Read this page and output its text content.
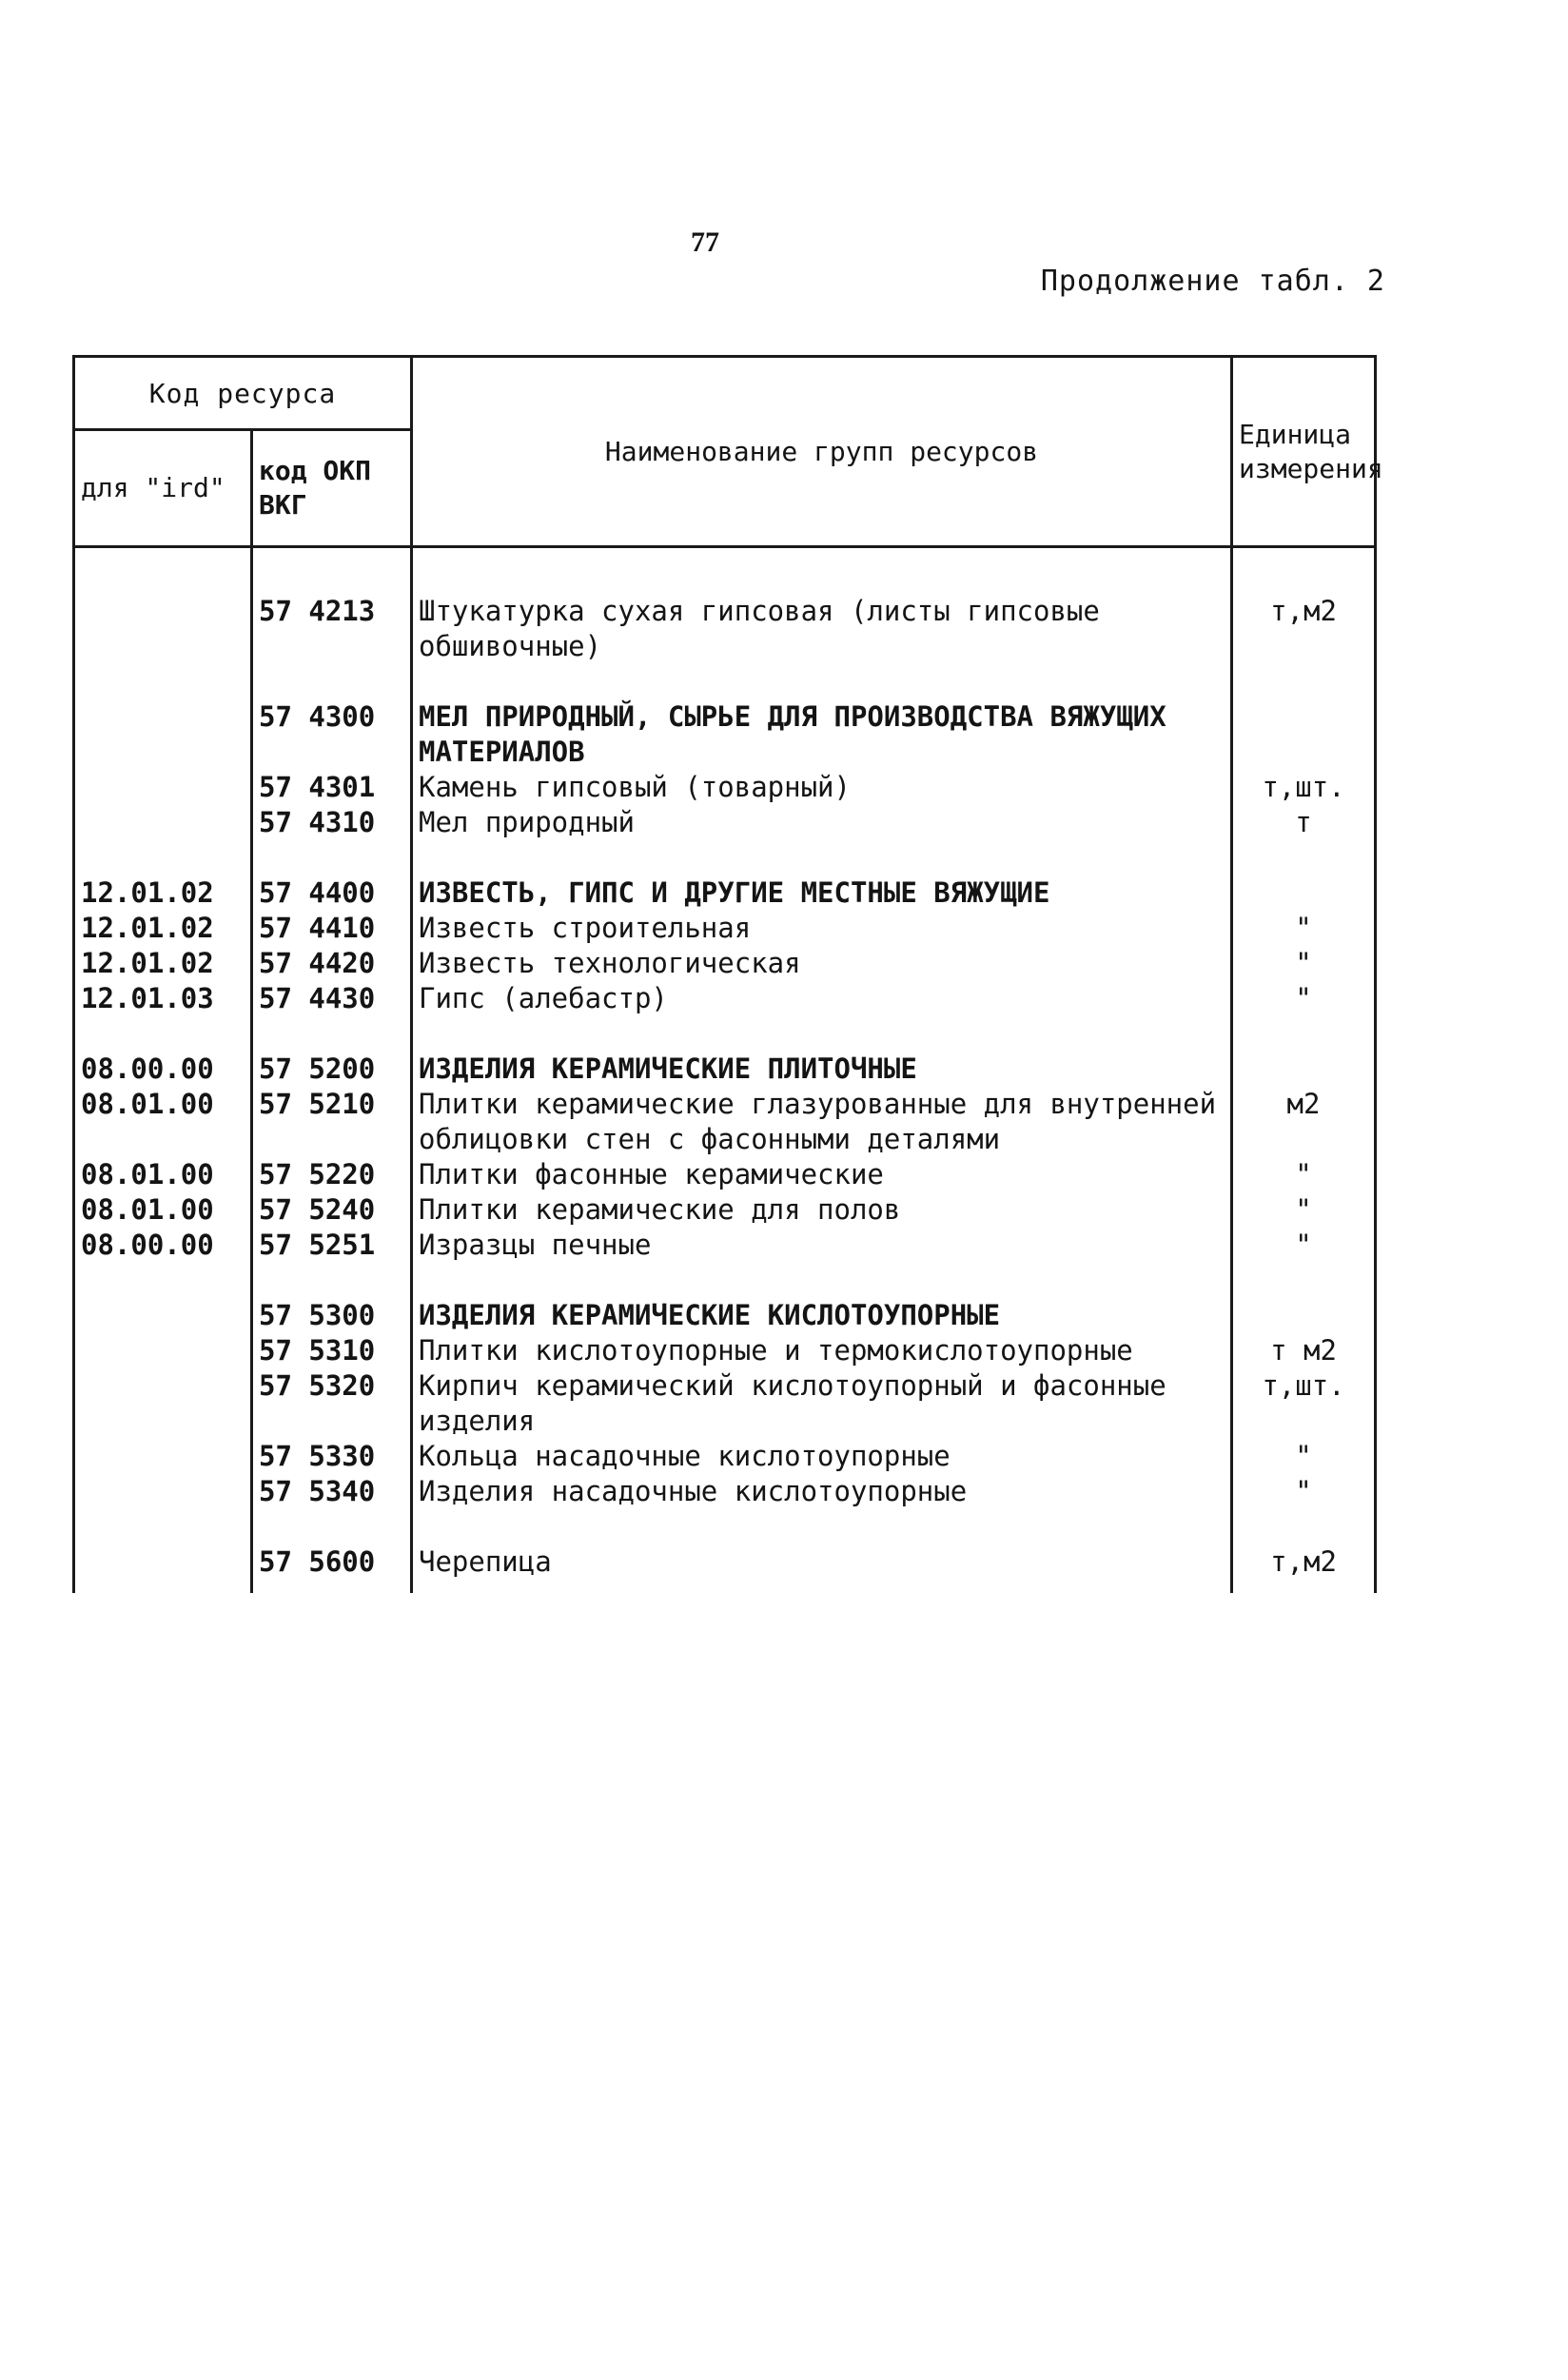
77
Продолжение табл. 2
Код ресурса		Наименование групп ресурсов	Единица измерения
для "ird"	код ОКП ВКГ		

	57 4213	Штукатурка сухая гипсовая (листы гипсовые обшивочные)	т,м2

	57 4300	МЕЛ ПРИРОДНЫЙ, СЫРЬЕ ДЛЯ ПРОИЗВОДСТВА ВЯЖУЩИХ МАТЕРИАЛОВ	
	57 4301	Камень гипсовый (товарный)	т,шт.
	57 4310	Мел природный	т

12.01.02	57 4400	ИЗВЕСТЬ, ГИПС И ДРУГИЕ МЕСТНЫЕ ВЯЖУЩИЕ	
12.01.02	57 4410	Известь строительная	"
12.01.02	57 4420	Известь технологическая	"
12.01.03	57 4430	Гипс (алебастр)	"

08.00.00	57 5200	ИЗДЕЛИЯ КЕРАМИЧЕСКИЕ ПЛИТОЧНЫЕ	
08.01.00	57 5210	Плитки керамические глазурованные для внутренней облицовки стен с фасонными деталями	м2
08.01.00	57 5220	Плитки фасонные керамические	"
08.01.00	57 5240	Плитки керамические для полов	"
08.00.00	57 5251	Изразцы печные	"

	57 5300	ИЗДЕЛИЯ КЕРАМИЧЕСКИЕ КИСЛОТОУПОРНЫЕ	
	57 5310	Плитки кислотоупорные и термокислотоупорные	т м2
	57 5320	Кирпич керамический кислотоупорный и фасонные изделия	т,шт.
	57 5330	Кольца насадочные кислотоупорные	"
	57 5340	Изделия насадочные кислотоупорные	"

	57 5600	Черепица	т,м2
